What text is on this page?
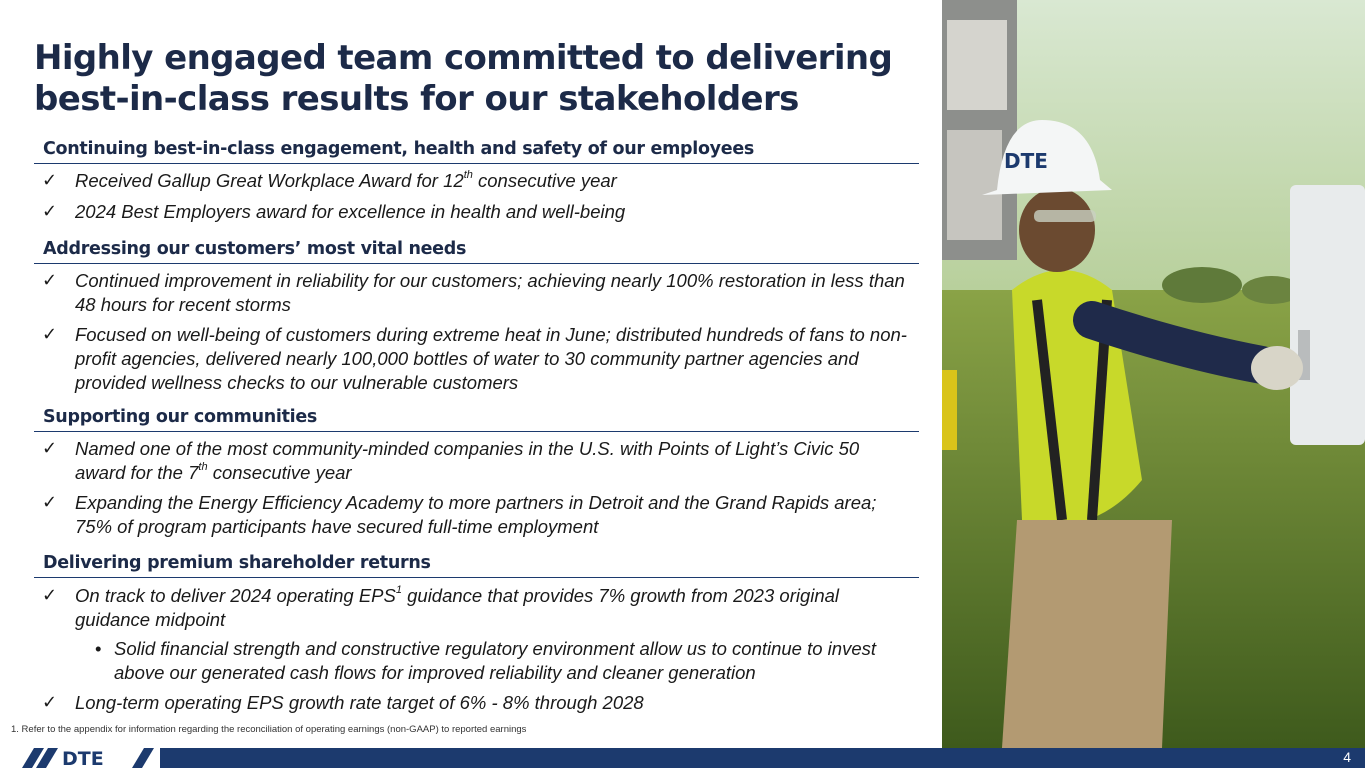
Highly engaged team committed to delivering best-in-class results for our stakeholders
Continuing best-in-class engagement, health and safety of our employees
✓ Received Gallup Great Workplace Award for 12th consecutive year
✓ 2024 Best Employers award for excellence in health and well-being
Addressing our customers’ most vital needs
✓ Continued improvement in reliability for our customers; achieving nearly 100% restoration in less than 48 hours for recent storms
✓ Focused on well-being of customers during extreme heat in June; distributed hundreds of fans to non-profit agencies, delivered nearly 100,000 bottles of water to 30 community partner agencies and provided wellness checks to our vulnerable customers
Supporting our communities
✓ Named one of the most community-minded companies in the U.S. with Points of Light’s Civic 50 award for the 7th consecutive year
✓ Expanding the Energy Efficiency Academy to more partners in Detroit and the Grand Rapids area; 75% of program participants have secured full-time employment
Delivering premium shareholder returns
✓ On track to deliver 2024 operating EPS$^1$ guidance that provides 7% growth from 2023 original guidance midpoint
• Solid financial strength and constructive regulatory environment allow us to continue to invest above our generated cash flows for improved reliability and cleaner generation
✓ Long-term operating EPS growth rate target of 6% - 8% through 2028
1. Refer to the appendix for information regarding the reconciliation of operating earnings (non-GAAP) to reported earnings
DTE
DTE	4
